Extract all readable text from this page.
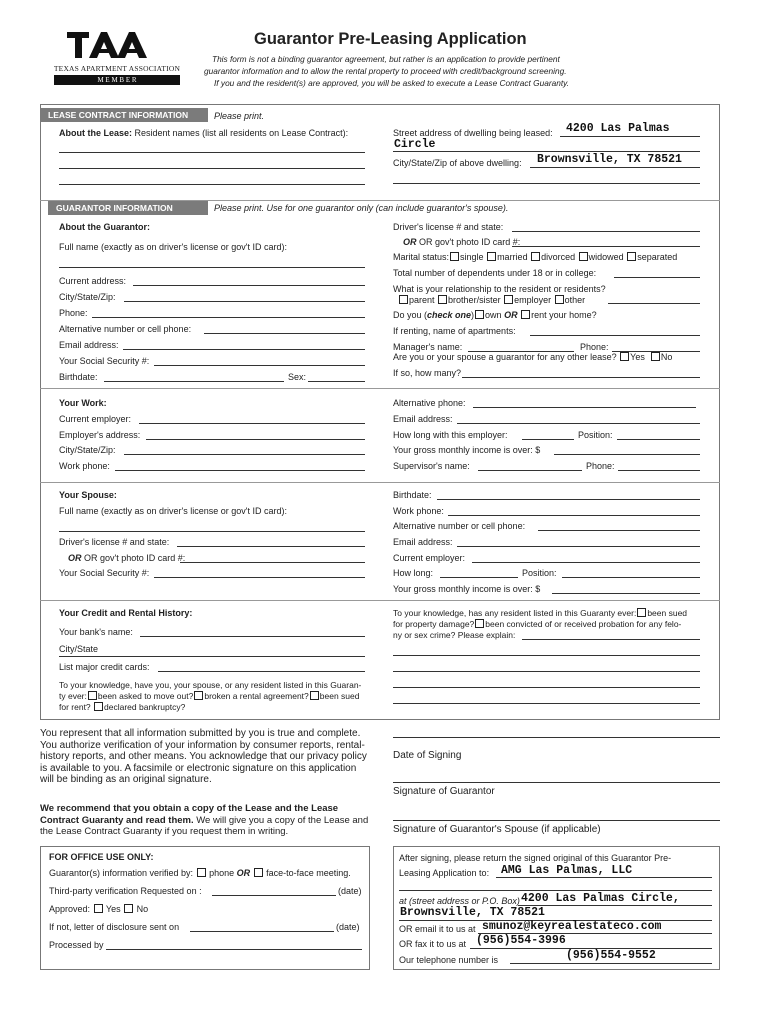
TEXAS APARTMENT ASSOCIATION
M E M B E R
Guarantor Pre-Leasing Application
This form is not a binding guarantor agreement, but rather is an application to provide pertinent
guarantor information and to allow the rental property to proceed with credit/background screening.
If you and the resident(s) are approved, you will be asked to execute a Lease Contract Guaranty.
LEASE CONTRACT INFORMATION	Please print.
About the Lease: Resident names (list all residents on Lease Contract):	Street address of dwelling being leased: 4200 Las Palmas
Circle
City/State/Zip of above dwelling: Brownsville, TX 78521
GUARANTOR INFORMATION	Please print. Use for one guarantor only (can include guarantor's spouse).
About the Guarantor:
Full name (exactly as on driver's license or gov't ID card):
Current address:
City/State/Zip:
Phone:
Alternative number or cell phone:
Email address:
Your Social Security #:
Birthdate:	Sex:
Driver's license # and state:
OR OR gov't photo ID card #:
Marital status: single married divorced widowed separated
Total number of dependents under 18 or in college:
What is your relationship to the resident or residents?
parent brother/sister employer other
Do you (check one) own OR rent your home?
If renting, name of apartments:
Manager's name:	Phone:
Are you or your spouse a guarantor for any other lease? Yes No
If so, how many?
Your Work:
Current employer:
Employer's address:
City/State/Zip:
Work phone:
Alternative phone:
Email address:
How long with this employer:	Position:
Your gross monthly income is over: $
Supervisor's name:	Phone:
Your Spouse:
Full name (exactly as on driver's license or gov't ID card):
Driver's license # and state:
OR OR gov't photo ID card #:
Your Social Security #:
Birthdate:
Work phone:
Alternative number or cell phone:
Email address:
Current employer:
How long:	Position:
Your gross monthly income is over: $
Your Credit and Rental History:
Your bank's name:
City/State
List major credit cards:
To your knowledge, have you, your spouse, or any resident listed in this Guaran-
ty ever: been asked to move out? broken a rental agreement? been sued
for rent? declared bankruptcy?
To your knowledge, has any resident listed in this Guaranty ever: been sued
for property damage? been convicted of or received probation for any felo-
ny or sex crime? Please explain:
You represent that all information submitted by you is true and complete.
You authorize verification of your information by consumer reports, rental-
history reports, and other means. You acknowledge that our privacy policy
is available to you. A facsimile or electronic signature on this application
will be binding as an original signature.
We recommend that you obtain a copy of the Lease and the Lease
Contract Guaranty and read them. We will give you a copy of the Lease and
the Lease Contract Guaranty if you request them in writing.
Date of Signing
Signature of Guarantor
Signature of Guarantor's Spouse (if applicable)
FOR OFFICE USE ONLY:
Guarantor(s) information verified by: phone OR face-to-face meeting.
Third-party verification Requested on :	(date)
Approved: Yes No
If not, letter of disclosure sent on	(date)
Processed by
After signing, please return the signed original of this Guarantor Pre-
Leasing Application to: AMG Las Palmas, LLC
at (street address or P.O. Box) 4200 Las Palmas Circle,
Brownsville, TX 78521
OR email it to us at smunoz@keyrealestateco.com
OR fax it to us at (956)554-3996
Our telephone number is	(956)554-9552
